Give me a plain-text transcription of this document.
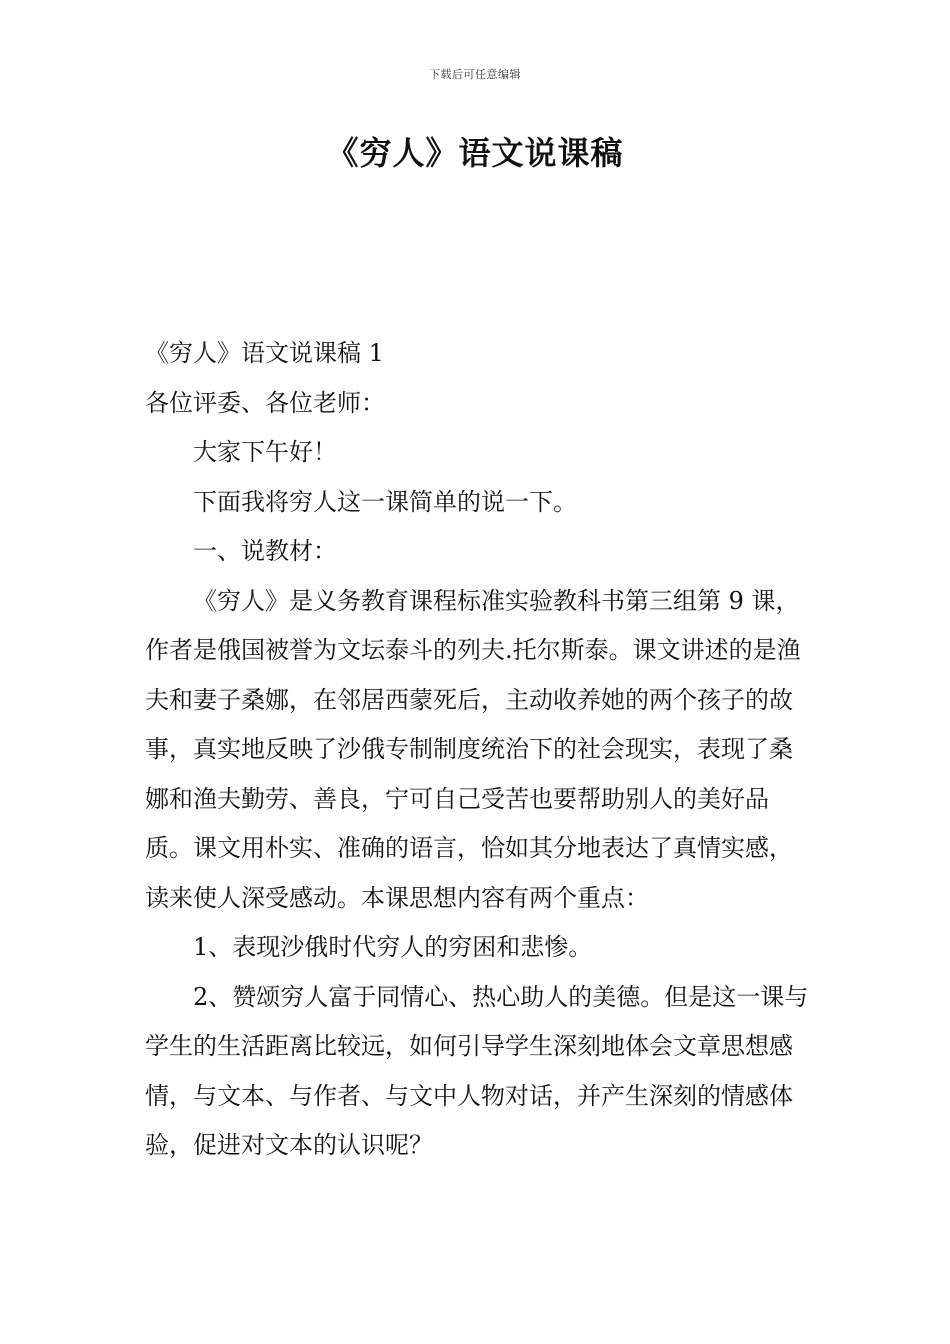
下载后可任意编辑
《穷人》语文说课稿
《穷人》语文说课稿 1

各位评委、各位老师：

大家下午好！

下面我将穷人这一课简单的说一下。

一、说教材：

《穷人》是义务教育课程标准实验教科书第三组第 9 课，作者是俄国被誉为文坛泰斗的列夫.托尔斯泰。课文讲述的是渔夫和妻子桑娜，在邻居西蒙死后，主动收养她的两个孩子的故事，真实地反映了沙俄专制制度统治下的社会现实，表现了桑娜和渔夫勤劳、善良，宁可自己受苦也要帮助别人的美好品质。课文用朴实、准确的语言，恰如其分地表达了真情实感，读来使人深受感动。本课思想内容有两个重点：

1、表现沙俄时代穷人的穷困和悲惨。

2、赞颂穷人富于同情心、热心助人的美德。但是这一课与学生的生活距离比较远，如何引导学生深刻地体会文章思想感情，与文本、与作者、与文中人物对话，并产生深刻的情感体验，促进对文本的认识呢？
